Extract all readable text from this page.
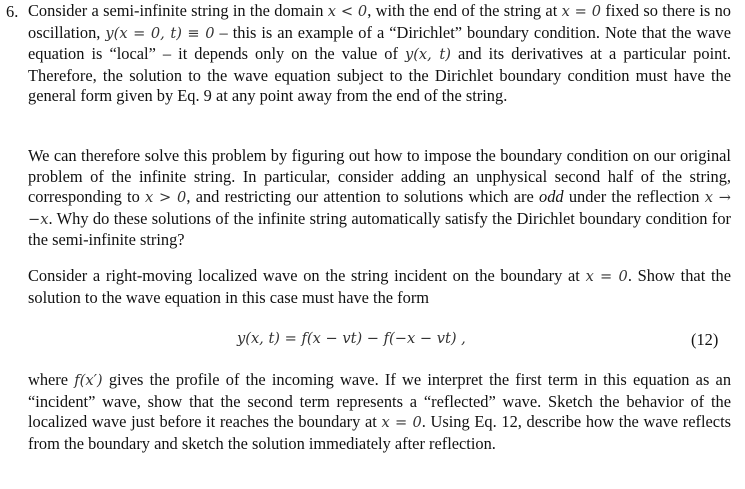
6. Consider a semi-infinite string in the domain x < 0, with the end of the string at x = 0 fixed so there is no oscillation, y(x = 0, t) ≡ 0 – this is an example of a “Dirichlet” boundary condition. Note that the wave equation is “local” – it depends only on the value of y(x, t) and its derivatives at a particular point. Therefore, the solution to the wave equation subject to the Dirichlet boundary condition must have the general form given by Eq. 9 at any point away from the end of the string.

We can therefore solve this problem by figuring out how to impose the boundary condition on our original problem of the infinite string. In particular, consider adding an unphysical second half of the string, corresponding to x > 0, and restricting our attention to solutions which are odd under the reflection x → −x. Why do these solutions of the infinite string automatically satisfy the Dirichlet boundary condition for the semi-infinite string?

Consider a right-moving localized wave on the string incident on the boundary at x = 0. Show that the solution to the wave equation in this case must have the form

y(x, t) = f(x − vt) − f(−x − vt) ,	(12)

where f(x′) gives the profile of the incoming wave. If we interpret the first term in this equation as an “incident” wave, show that the second term represents a “reflected” wave. Sketch the behavior of the localized wave just before it reaches the boundary at x = 0. Using Eq. 12, describe how the wave reflects from the boundary and sketch the solution immediately after reflection.
